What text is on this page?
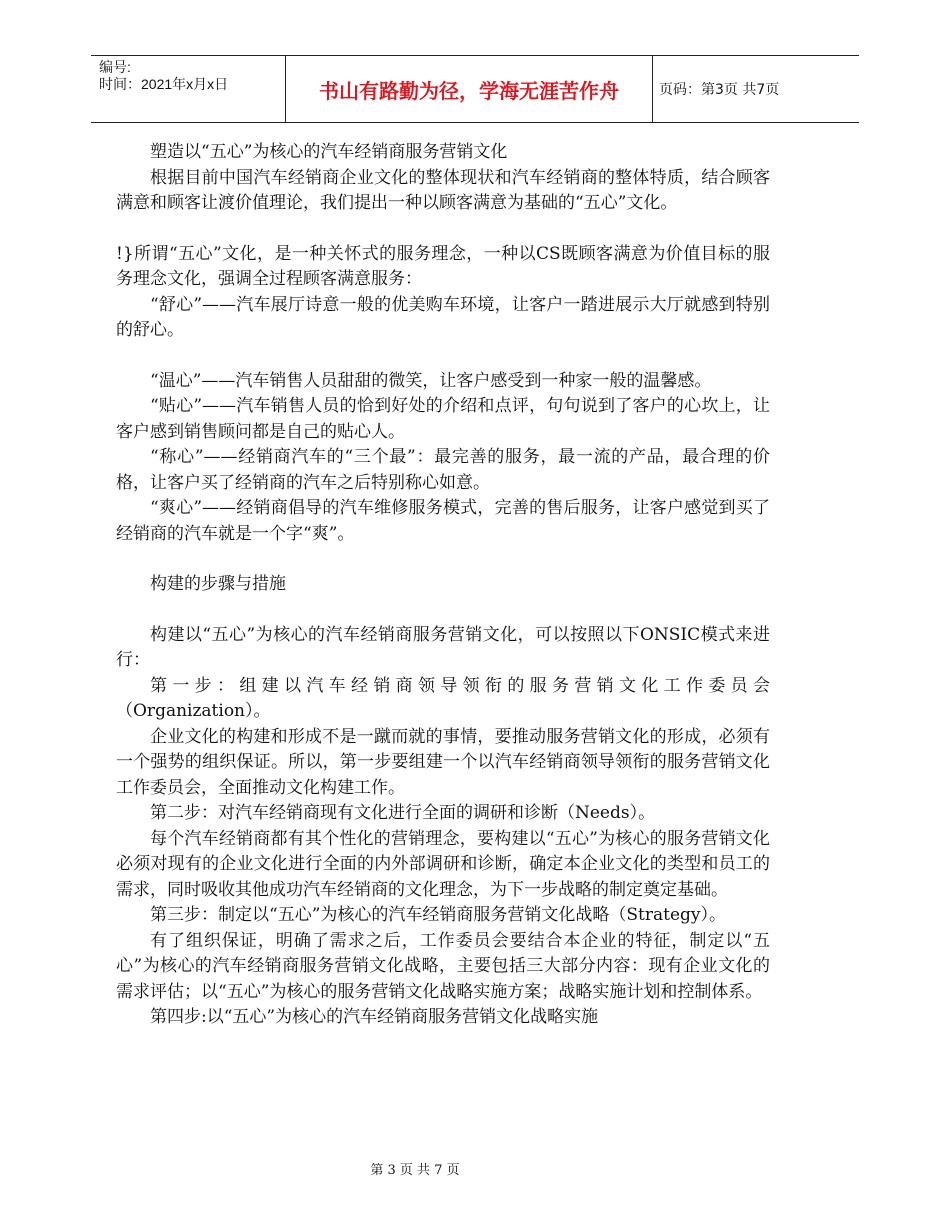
编号:
时间：2021年x月x日	书山有路勤为径，学海无涯苦作舟	页码：第3页 共7页

塑造以“五心”为核心的汽车经销商服务营销文化

根据目前中国汽车经销商企业文化的整体现状和汽车经销商的整体特质，结合顾客满意和顾客让渡价值理论，我们提出一种以顾客满意为基础的“五心”文化。

!}所谓“五心”文化，是一种关怀式的服务理念，一种以CS既顾客满意为价值目标的服务理念文化，强调全过程顾客满意服务：

“舒心”——汽车展厅诗意一般的优美购车环境，让客户一踏进展示大厅就感到特别的舒心。

“温心”——汽车销售人员甜甜的微笑，让客户感受到一种家一般的温馨感。

“贴心”——汽车销售人员的恰到好处的介绍和点评，句句说到了客户的心坎上，让客户感到销售顾问都是自己的贴心人。

“称心”——经销商汽车的“三个最”：最完善的服务，最一流的产品，最合理的价格，让客户买了经销商的汽车之后特别称心如意。

“爽心”——经销商倡导的汽车维修服务模式，完善的售后服务，让客户感觉到买了经销商的汽车就是一个字“爽”。

构建的步骤与措施

构建以“五心”为核心的汽车经销商服务营销文化，可以按照以下ONSIC模式来进行：

第一步：组建以汽车经销商领导领衔的服务营销文化工作委员会（Organization）。

企业文化的构建和形成不是一蹴而就的事情，要推动服务营销文化的形成，必须有一个强势的组织保证。所以，第一步要组建一个以汽车经销商领导领衔的服务营销文化工作委员会，全面推动文化构建工作。

第二步：对汽车经销商现有文化进行全面的调研和诊断（Needs）。

每个汽车经销商都有其个性化的营销理念，要构建以“五心”为核心的服务营销文化必须对现有的企业文化进行全面的内外部调研和诊断，确定本企业文化的类型和员工的需求，同时吸收其他成功汽车经销商的文化理念，为下一步战略的制定奠定基础。

第三步：制定以“五心”为核心的汽车经销商服务营销文化战略（Strategy）。

有了组织保证，明确了需求之后，工作委员会要结合本企业的特征，制定以“五心”为核心的汽车经销商服务营销文化战略，主要包括三大部分内容：现有企业文化的需求评估；以“五心”为核心的服务营销文化战略实施方案；战略实施计划和控制体系。

第四步:以“五心”为核心的汽车经销商服务营销文化战略实施

第 3 页 共 7 页
